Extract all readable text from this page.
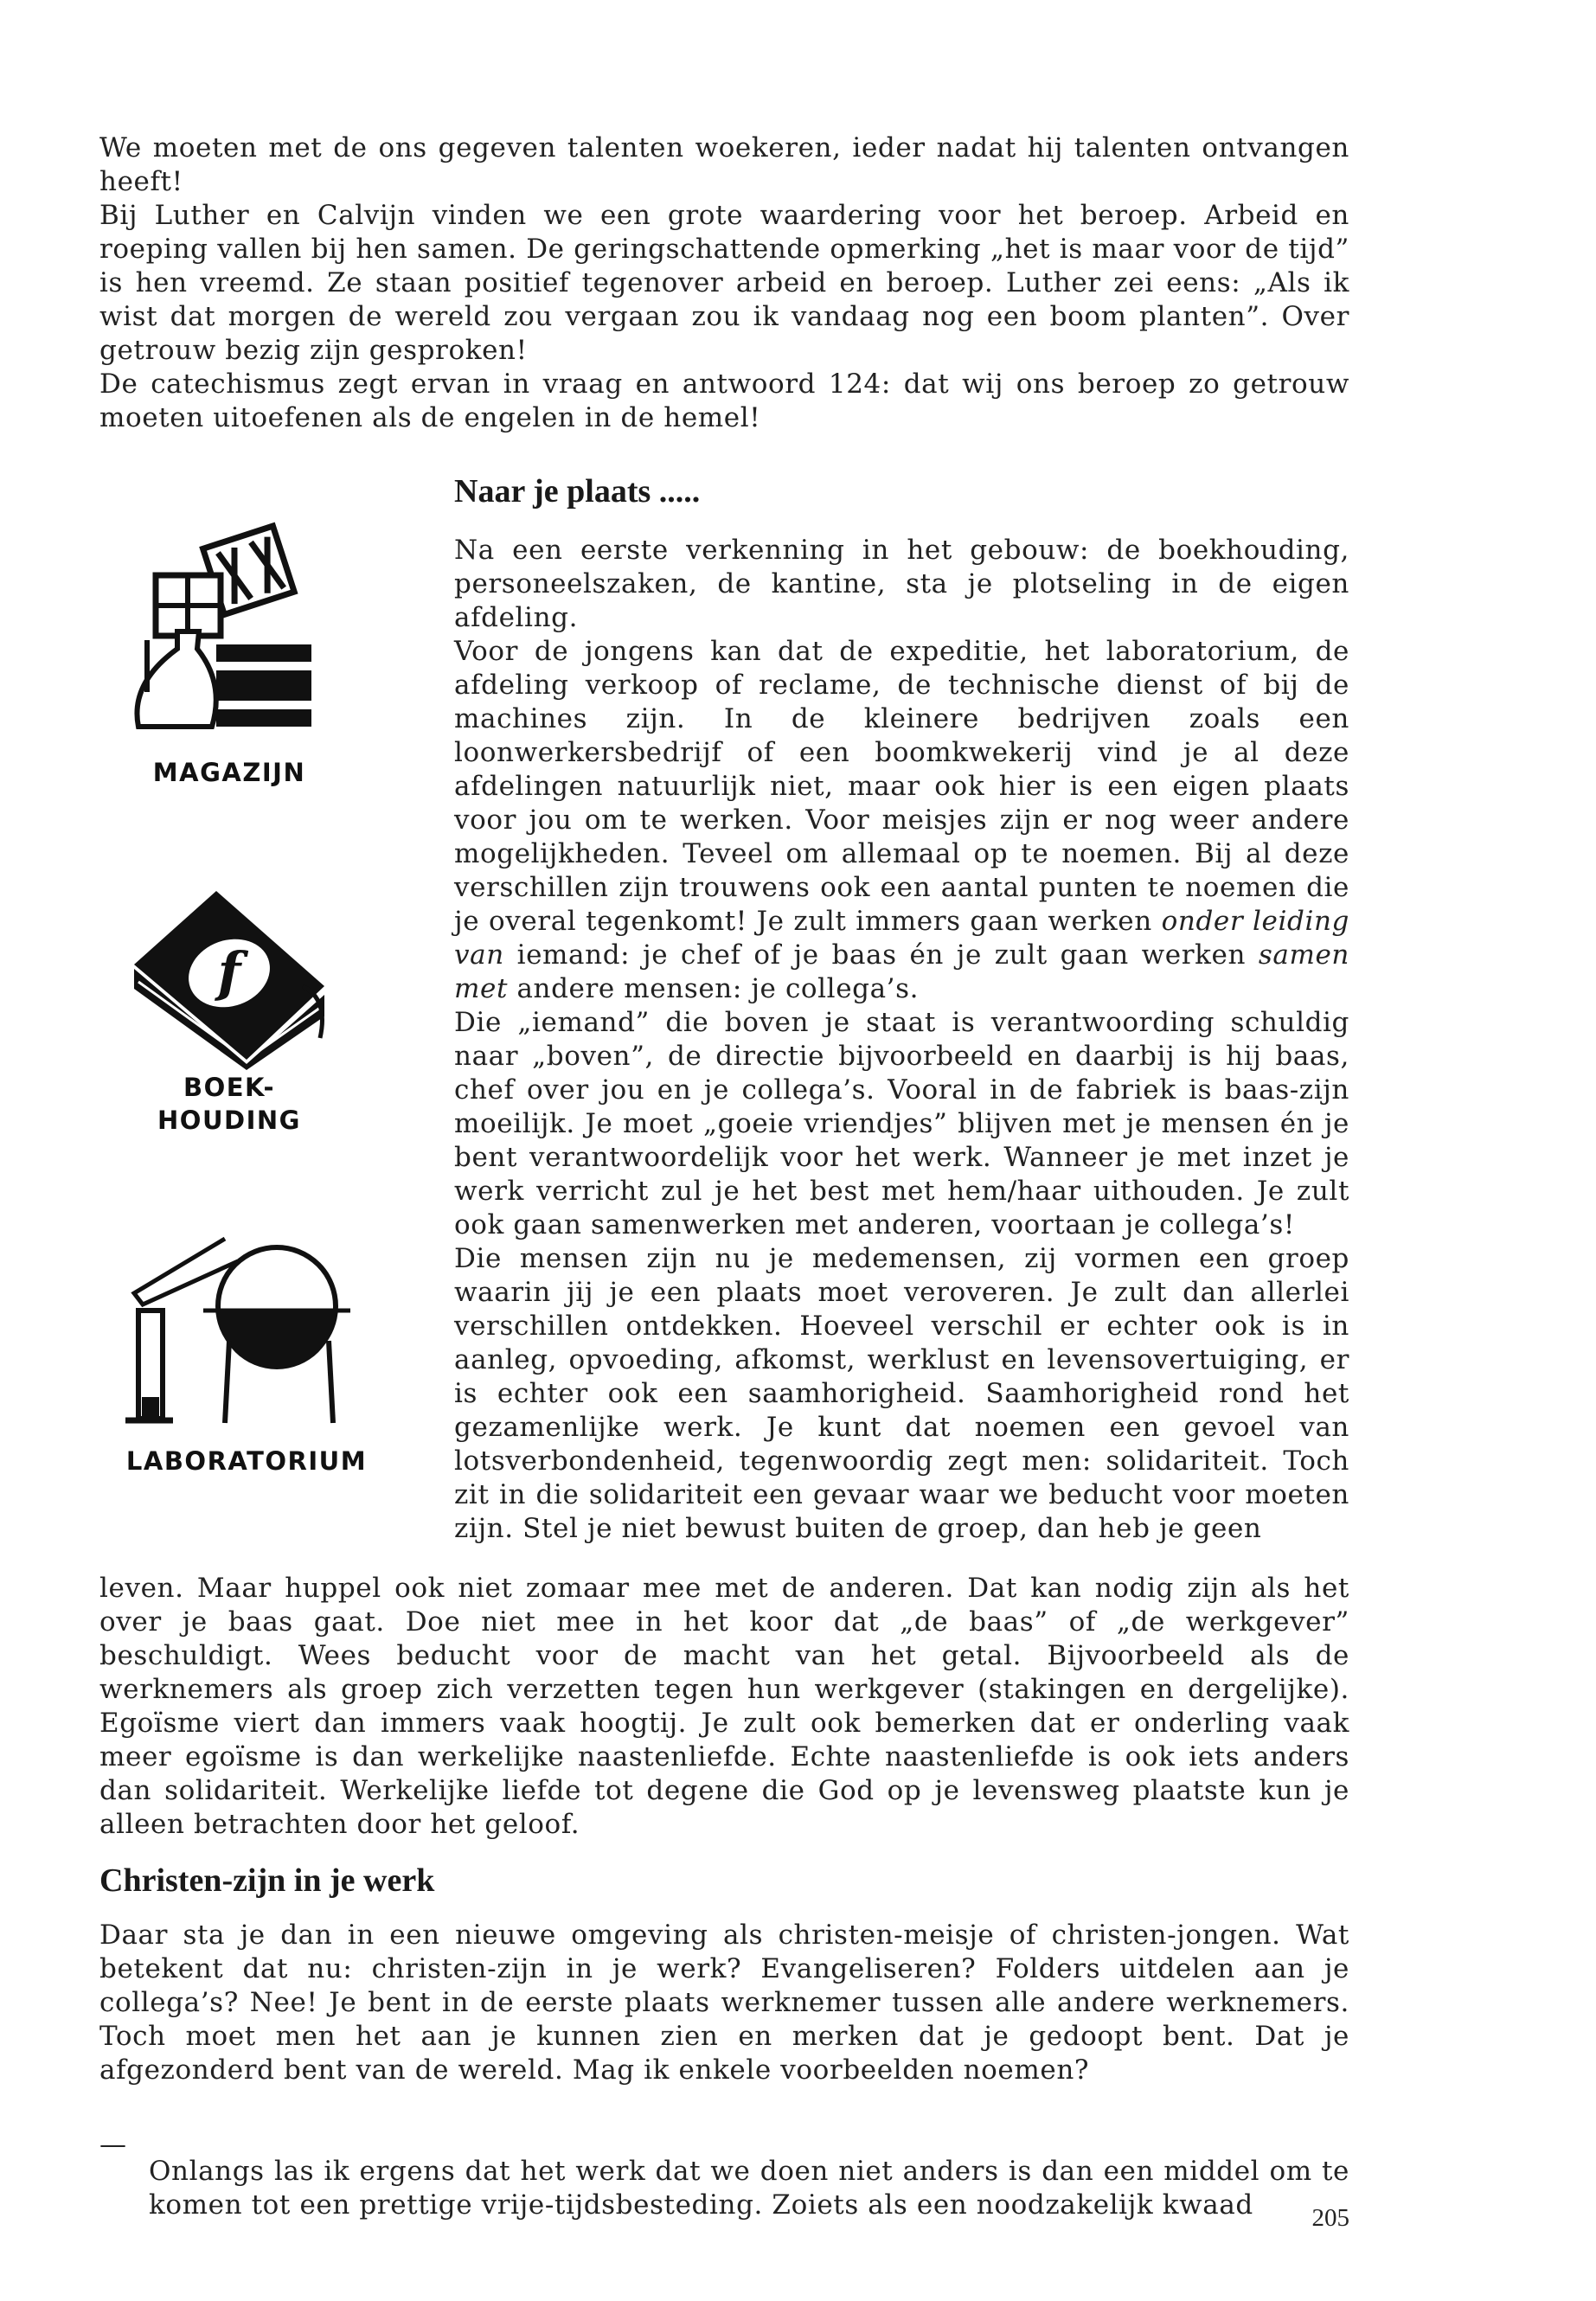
We moeten met de ons gegeven talenten woekeren, ieder nadat hij talenten ontvangen heeft!

Bij Luther en Calvijn vinden we een grote waardering voor het beroep. Arbeid en roeping vallen bij hen samen. De geringschattende opmerking „het is maar voor de tijd” is hen vreemd. Ze staan positief tegenover arbeid en beroep. Luther zei eens: „Als ik wist dat morgen de wereld zou vergaan zou ik vandaag nog een boom planten”. Over getrouw bezig zijn gesproken!

De catechismus zegt ervan in vraag en antwoord 124: dat wij ons beroep zo getrouw moeten uitoefenen als de engelen in de hemel!

Naar je plaats .....
MAGAZIJN
f
BOEK-
HOUDING
LABORATORIUM

Na een eerste verkenning in het gebouw: de boekhouding, personeelszaken, de kantine, sta je plotseling in de eigen afdeling.

Voor de jongens kan dat de expeditie, het laboratorium, de afdeling verkoop of reclame, de technische dienst of bij de machines zijn. In de kleinere bedrijven zoals een loonwerkersbedrijf of een boomkwekerij vind je al deze afdelingen natuurlijk niet, maar ook hier is een eigen plaats voor jou om te werken. Voor meisjes zijn er nog weer andere mogelijkheden. Teveel om allemaal op te noemen. Bij al deze verschillen zijn trouwens ook een aantal punten te noemen die je overal tegenkomt! Je zult immers gaan werken onder leiding van iemand: je chef of je baas én je zult gaan werken samen met andere mensen: je collega’s.

Die „iemand” die boven je staat is verantwoording schuldig naar „boven”, de directie bijvoorbeeld en daarbij is hij baas, chef over jou en je collega’s. Vooral in de fabriek is baas-zijn moeilijk. Je moet „goeie vriendjes” blijven met je mensen én je bent verantwoordelijk voor het werk. Wanneer je met inzet je werk verricht zul je het best met hem/haar uithouden. Je zult ook gaan samenwerken met anderen, voortaan je collega’s!

Die mensen zijn nu je medemensen, zij vormen een groep waarin jij je een plaats moet veroveren. Je zult dan allerlei verschillen ontdekken. Hoeveel verschil er echter ook is in aanleg, opvoeding, afkomst, werklust en levensovertuiging, er is echter ook een saamhorigheid. Saamhorigheid rond het gezamenlijke werk. Je kunt dat noemen een gevoel van lotsverbondenheid, tegenwoordig zegt men: solidariteit. Toch zit in die solidariteit een gevaar waar we beducht voor moeten zijn. Stel je niet bewust buiten de groep, dan heb je geen

leven. Maar huppel ook niet zomaar mee met de anderen. Dat kan nodig zijn als het over je baas gaat. Doe niet mee in het koor dat „de baas” of „de werkgever” beschuldigt. Wees beducht voor de macht van het getal. Bijvoorbeeld als de werknemers als groep zich verzetten tegen hun werkgever (stakingen en dergelijke). Egoïsme viert dan immers vaak hoogtij. Je zult ook bemerken dat er onderling vaak meer egoïsme is dan werkelijke naastenliefde. Echte naastenliefde is ook iets anders dan solidariteit. Werkelijke liefde tot degene die God op je levensweg plaatste kun je alleen betrachten door het geloof.

Christen-zijn in je werk

Daar sta je dan in een nieuwe omgeving als christen-meisje of christen-jongen. Wat betekent dat nu: christen-zijn in je werk? Evangeliseren? Folders uitdelen aan je collega’s? Nee! Je bent in de eerste plaats werknemer tussen alle andere werknemers. Toch moet men het aan je kunnen zien en merken dat je gedoopt bent. Dat je afgezonderd bent van de wereld. Mag ik enkele voorbeelden noemen?

—

Onlangs las ik ergens dat het werk dat we doen niet anders is dan een middel om te komen tot een prettige vrije-tijdsbesteding. Zoiets als een noodzakelijk kwaad	205
